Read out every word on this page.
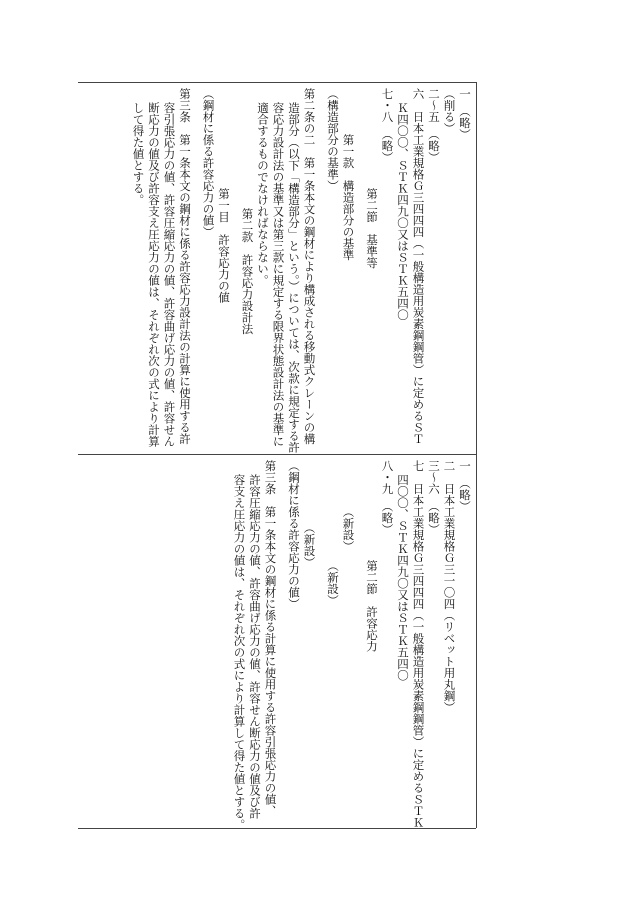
一　（略）
（削る）
二～五　（略）
六　日本工業規格Ｇ三四四四（一般構造用炭素鋼鋼管）に定めるＳＴ
Ｋ四〇〇、ＳＴＫ四九〇又はＳＴＫ五四〇
七・八　（略）
第二節　基準等
第一款　構造部分の基準
（構造部分の基準）
第二条の二　第一条本文の鋼材により構成される移動式クレーンの構
造部分（以下「構造部分」という。）については、次款に規定する許
容応力設計法の基準又は第三款に規定する限界状態設計法の基準に
適合するものでなければならない。
第二款　許容応力設計法
第一目　許容応力の値
（鋼材に係る許容応力の値）
第三条　第一条本文の鋼材に係る許容応力設計法の計算に使用する許
容引張応力の値、許容圧縮応力の値、許容曲げ応力の値、許容せん
断応力の値及び許容支え圧応力の値は、それぞれ次の式により計算
して得た値とする。
一　（略）
二　日本工業規格Ｇ三一〇四（リベット用丸鋼）
三～六　（略）
七　日本工業規格Ｇ三四四四（一般構造用炭素鋼鋼管）に定めるＳＴＫ
四〇〇、ＳＴＫ四九〇又はＳＴＫ五四〇
八・九　（略）
第二節　許容応力
（新設）
（新設）
（新設）
（鋼材に係る許容応力の値）
第三条　第一条本文の鋼材に係る計算に使用する許容引張応力の値、
許容圧縮応力の値、許容曲げ応力の値、許容せん断応力の値及び許
容支え圧応力の値は、それぞれ次の式により計算して得た値とする。
